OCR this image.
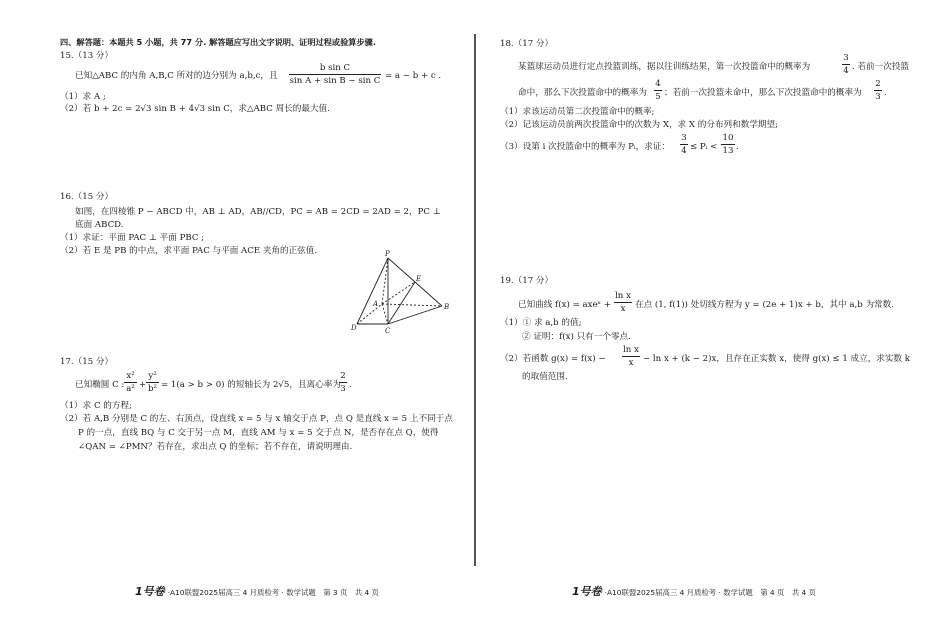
四、解答题：本题共 5 小题，共 77 分. 解答题应写出文字说明、证明过程或验算步骤.
15.（13 分）
已知△ABC 的内角 A,B,C 所对的边分别为 a,b,c，且
b sin C
sin A + sin B − sin C = a − b + c .
（1）求 A ;
（2）若 b + 2c = 2√3 sin B + 4√3 sin C，求△ABC 周长的最大值.
16.（15 分）
如图，在四棱锥 P − ABCD 中，AB ⊥ AD，AB//CD，PC = AB = 2CD = 2AD = 2，PC ⊥
底面 ABCD.
（1）求证：平面 PAC ⊥ 平面 PBC ;
（2）若 E 是 PB 的中点，求平面 PAC 与平面 ACE 夹角的正弦值.	P
E
A	B
C
D
17.（15 分）
已知椭圆 C :
x²
a² +
y²
b² = 1(a > b > 0) 的短轴长为 2√5，且离心率为
2
3 .
（1）求 C 的方程;
（2）若 A,B 分别是 C 的左、右顶点，设直线 x = 5 与 x 轴交于点 P，点 Q 是直线 x = 5 上不同于点
P 的一点，直线 BQ 与 C 交于另一点 M，直线 AM 与 x = 5 交于点 N，是否存在点 Q，使得
∠QAN = ∠PMN？若存在，求出点 Q 的坐标；若不存在，请说明理由.
1号卷 ·A10联盟2025届高三 4 月质检考 · 数学试题　第 3 页　共 4 页
18.（17 分）
某篮球运动员进行定点投篮训练，据以往训练结果，第一次投篮命中的概率为
3
4 . 若前一次投篮
命中，那么下次投篮命中的概率为
4
5 ；若前一次投篮未命中，那么下次投篮命中的概率为
2
3 .
（1）求该运动员第二次投篮命中的概率;
（2）记该运动员前两次投篮命中的次数为 X，求 X 的分布列和数学期望;
（3）设第 i 次投篮命中的概率为 Pᵢ，求证：
3
4 ≤ Pᵢ <
10
13 .
19.（17 分）
已知曲线 f(x) = axeˣ +
ln x
x	在点 (1, f(1)) 处切线方程为 y = (2e + 1)x + b，其中 a,b 为常数.
（1）① 求 a,b 的值;
② 证明：f(x) 只有一个零点.
（2）若函数 g(x) = f(x) −
ln x
x	− ln x + (k − 2)x，且存在正实数 x，使得 g(x) ≤ 1 成立，求实数 k
的取值范围.
1号卷 ·A10联盟2025届高三 4 月质检考 · 数学试题　第 4 页　共 4 页
